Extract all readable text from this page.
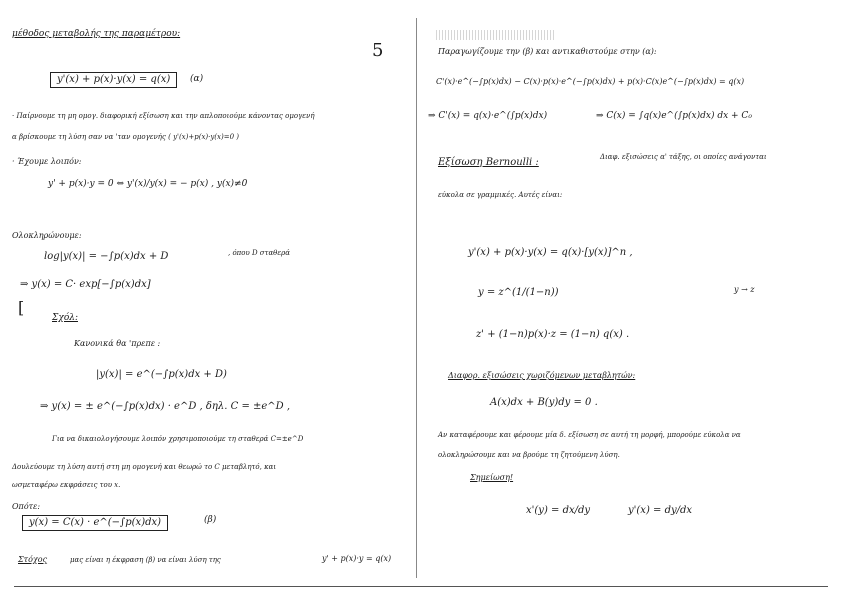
μέθοδος μεταβολής της παραμέτρου:
5
y'(x) + p(x)·y(x) = q(x)	(α)
· Παίρνουμε τη μη ομογ. διαφορική εξίσωση και την απλοποιούμε κάνοντας ομογενή
α βρίσκουμε τη λύση σαν να 'ταν ομογενής ( y'(x)+p(x)·y(x)=0 )
· Έχουμε λοιπόν:
y' + p(x)·y = 0 ⇔ y'(x)/y(x) = − p(x) , y(x)≠0
Ολοκληρώνουμε:
log|y(x)| = −∫p(x)dx + D	, όπου D σταθερά
⇒ y(x) = C· exp[−∫p(x)dx]
[
Σχόλ:
Κανονικά θα 'πρεπε :
|y(x)| = e^(−∫p(x)dx + D)
⇒ y(x) = ± e^(−∫p(x)dx) · e^D , δηλ. C = ±e^D ,
Για να δικαιολογήσουμε λοιπόν χρησιμοποιούμε τη σταθερά C=±e^D
Δουλεύουμε τη λύση αυτή στη μη ομογενή και θεωρώ το C μεταβλητό, και
ωσμεταφέρω εκφράσεις του x.
Οπότε:
y(x) = C(x) · e^(−∫p(x)dx)	(β)
Στόχος	μας είναι η έκφραση (β) να είναι λύση της	y' + p(x)·y = q(x)
Παραγωγίζουμε την (β) και αντικαθιστούμε στην (α):
C'(x)·e^(−∫p(x)dx) − C(x)·p(x)·e^(−∫p(x)dx) + p(x)·C(x)e^(−∫p(x)dx) = q(x)
⇒ C'(x) = q(x)·e^(∫p(x)dx)	⇒ C(x) = ∫q(x)e^(∫p(x)dx) dx + C₀
Εξίσωση Bernoulli :	Διαφ. εξισώσεις α' τάξης, οι οποίες ανάγονται
εύκολα σε γραμμικές. Αυτές είναι:
y'(x) + p(x)·y(x) = q(x)·[y(x)]^n ,
y = z^(1/(1−n))	y → z
z' + (1−n)p(x)·z = (1−n) q(x) .
Διαφορ. εξισώσεις χωριζόμενων μεταβλητών:
A(x)dx + B(y)dy = 0 .
Αν καταφέρουμε και φέρουμε μία δ. εξίσωση σε αυτή τη μορφή, μπορούμε εύκολα να
ολοκληρώσουμε και να βρούμε τη ζητούμενη λύση.
Σημείωση!
x'(y) = dx/dy	y'(x) = dy/dx
